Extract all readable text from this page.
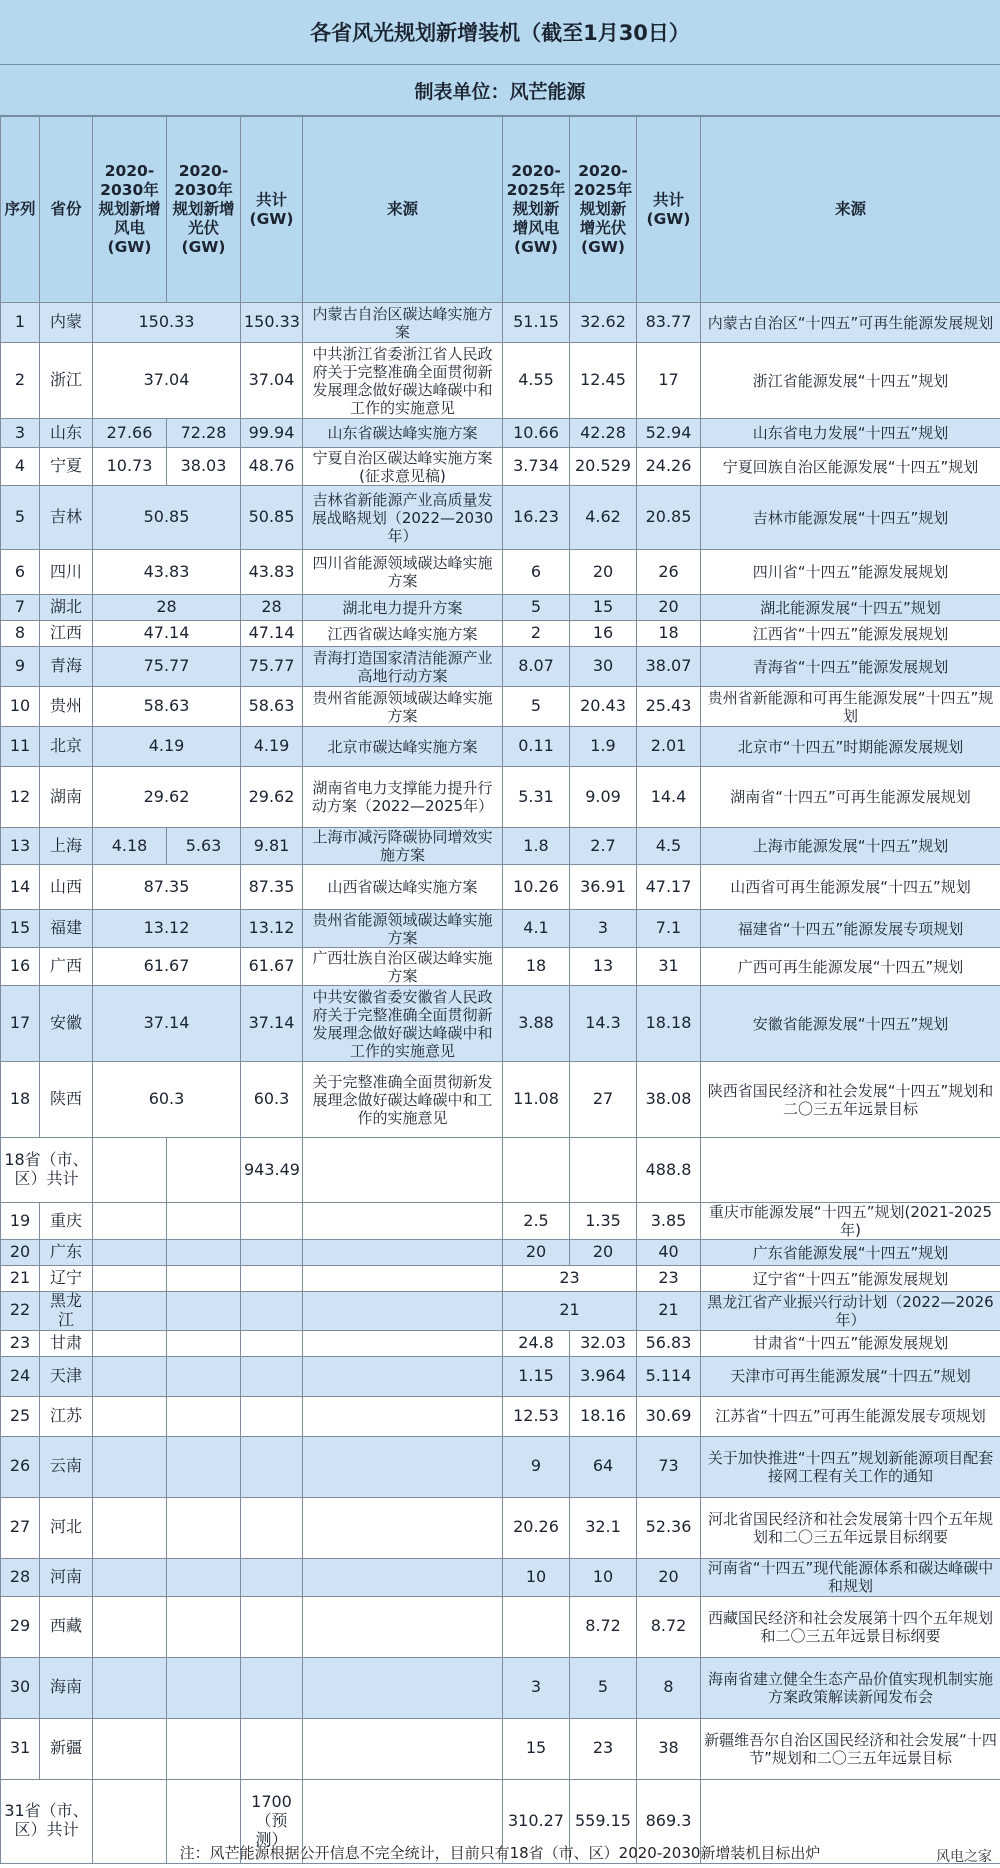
各省风光规划新增装机（截至1月30日）
制表单位：风芒能源
序列	省份	2020-2030年规划新增风电(GW)	2020-2030年规划新增光伏(GW)	共计(GW)	来源	2020-2025年规划新增风电(GW)	2020-2025年规划新增光伏(GW)	共计(GW)	来源
1	内蒙	150.33		150.33	内蒙古自治区碳达峰实施方案	51.15	32.62	83.77	内蒙古自治区“十四五”可再生能源发展规划
2	浙江	37.04		37.04	中共浙江省委浙江省人民政府关于完整准确全面贯彻新发展理念做好碳达峰碳中和工作的实施意见	4.55	12.45	17	浙江省能源发展“十四五”规划
3	山东	27.66	72.28	99.94	山东省碳达峰实施方案	10.66	42.28	52.94	山东省电力发展“十四五”规划
4	宁夏	10.73	38.03	48.76	宁夏自治区碳达峰实施方案(征求意见稿)	3.734	20.529	24.26	宁夏回族自治区能源发展“十四五”规划
5	吉林	50.85		50.85	吉林省新能源产业高质量发展战略规划（2022—2030年）	16.23	4.62	20.85	吉林市能源发展“十四五”规划
6	四川	43.83		43.83	四川省能源领域碳达峰实施方案	6	20	26	四川省“十四五”能源发展规划
7	湖北	28		28	湖北电力提升方案	5	15	20	湖北能源发展“十四五”规划
8	江西	47.14		47.14	江西省碳达峰实施方案	2	16	18	江西省“十四五”能源发展规划
9	青海	75.77		75.77	青海打造国家清洁能源产业高地行动方案	8.07	30	38.07	青海省“十四五”能源发展规划
10	贵州	58.63		58.63	贵州省能源领域碳达峰实施方案	5	20.43	25.43	贵州省新能源和可再生能源发展“十四五”规划
11	北京	4.19		4.19	北京市碳达峰实施方案	0.11	1.9	2.01	北京市“十四五”时期能源发展规划
12	湖南	29.62		29.62	湖南省电力支撑能力提升行动方案（2022—2025年）	5.31	9.09	14.4	湖南省“十四五”可再生能源发展规划
13	上海	4.18	5.63	9.81	上海市减污降碳协同增效实施方案	1.8	2.7	4.5	上海市能源发展“十四五”规划
14	山西	87.35		87.35	山西省碳达峰实施方案	10.26	36.91	47.17	山西省可再生能源发展“十四五”规划
15	福建	13.12		13.12	贵州省能源领域碳达峰实施方案	4.1	3	7.1	福建省“十四五”能源发展专项规划
16	广西	61.67		61.67	广西壮族自治区碳达峰实施方案	18	13	31	广西可再生能源发展“十四五”规划
17	安徽	37.14		37.14	中共安徽省委安徽省人民政府关于完整准确全面贯彻新发展理念做好碳达峰碳中和工作的实施意见	3.88	14.3	18.18	安徽省能源发展“十四五”规划
18	陕西	60.3		60.3	关于完整准确全面贯彻新发展理念做好碳达峰碳中和工作的实施意见	11.08	27	38.08	陕西省国民经济和社会发展“十四五”规划和二〇三五年远景目标
18省（市、区）共计				943.49				488.8	
19	重庆					2.5	1.35	3.85	重庆市能源发展“十四五”规划(2021-2025年)
20	广东					20	20	40	广东省能源发展“十四五”规划
21	辽宁					23		23	辽宁省“十四五”能源发展规划
22	黑龙江					21		21	黑龙江省产业振兴行动计划（2022—2026年）
23	甘肃					24.8	32.03	56.83	甘肃省“十四五”能源发展规划
24	天津					1.15	3.964	5.114	天津市可再生能源发展“十四五”规划
25	江苏					12.53	18.16	30.69	江苏省“十四五”可再生能源发展专项规划
26	云南					9	64	73	关于加快推进“十四五”规划新能源项目配套接网工程有关工作的通知
27	河北					20.26	32.1	52.36	河北省国民经济和社会发展第十四个五年规划和二〇三五年远景目标纲要
28	河南					10	10	20	河南省“十四五”现代能源体系和碳达峰碳中和规划
29	西藏						8.72	8.72	西藏国民经济和社会发展第十四个五年规划和二〇三五年远景目标纲要
30	海南					3	5	8	海南省建立健全生态产品价值实现机制实施方案政策解读新闻发布会
31	新疆					15	23	38	新疆维吾尔自治区国民经济和社会发展“十四节”规划和二〇三五年远景目标
31省（市、区）共计				1700（预测）		310.27	559.15	869.3	
注：风芒能源根据公开信息不完全统计，目前只有18省（市、区）2020-2030新增装机目标出炉	风电之家
